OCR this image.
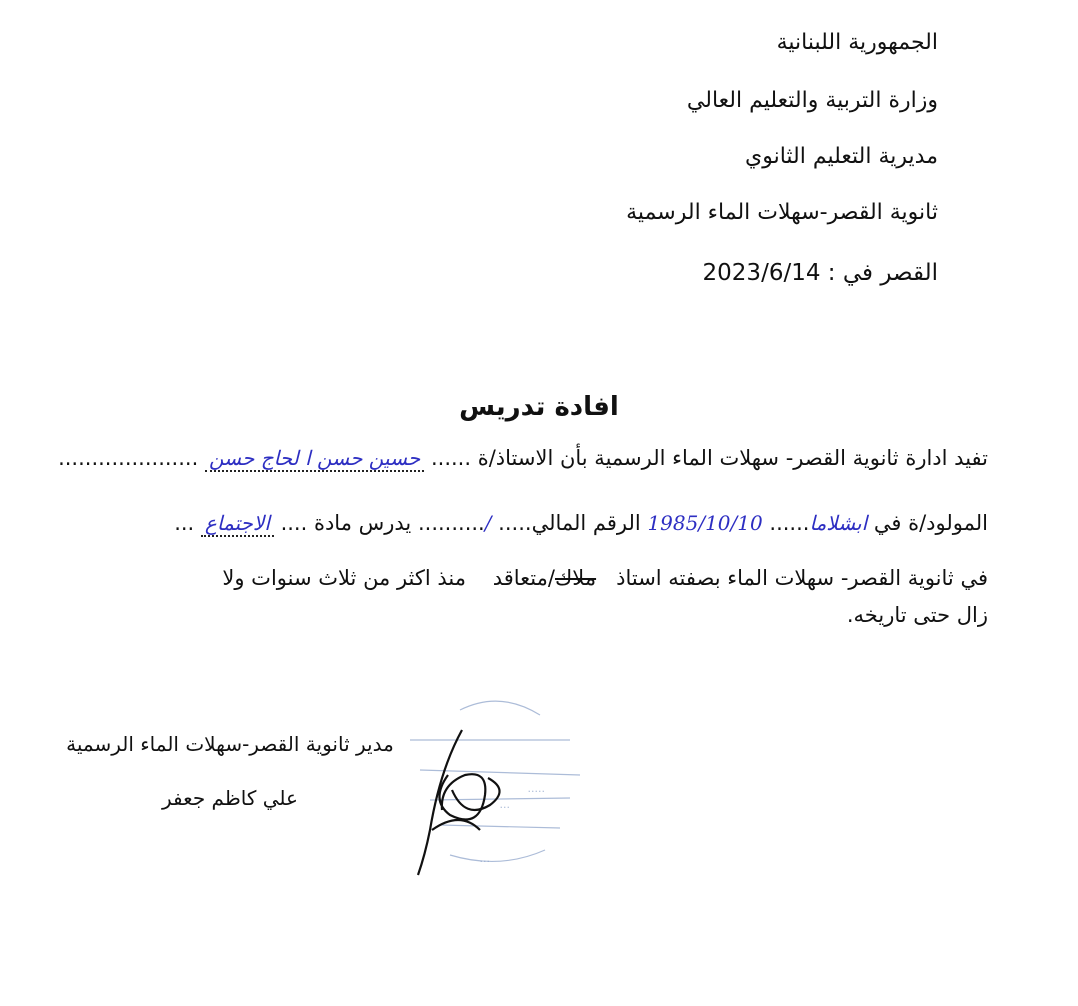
الجمهورية اللبنانية

وزارة التربية والتعليم العالي

مديرية التعليم الثانوي

ثانوية القصر-سهلات الماء الرسمية

القصر في : 2023/6/14

افادة تدريس
تفيد ادارة ثانوية القصر- سهلات الماء الرسمية بأن الاستاذ/ة ...... حسين حسن ا لحاج حسن .....................
المولود/ة في ابشلاما...... 1985/10/10 الرقم المالي..... /.......... يدرس مادة .... الاجتماع ...
في ثانوية القصر- سهلات الماء بصفته استاذ   ملاك/متعاقد    منذ اكثر من ثلاث سنوات ولا
زال حتى تاريخه.

مدير ثانوية القصر-سهلات الماء الرسمية

علي كاظم جعفر	.....
...
...
